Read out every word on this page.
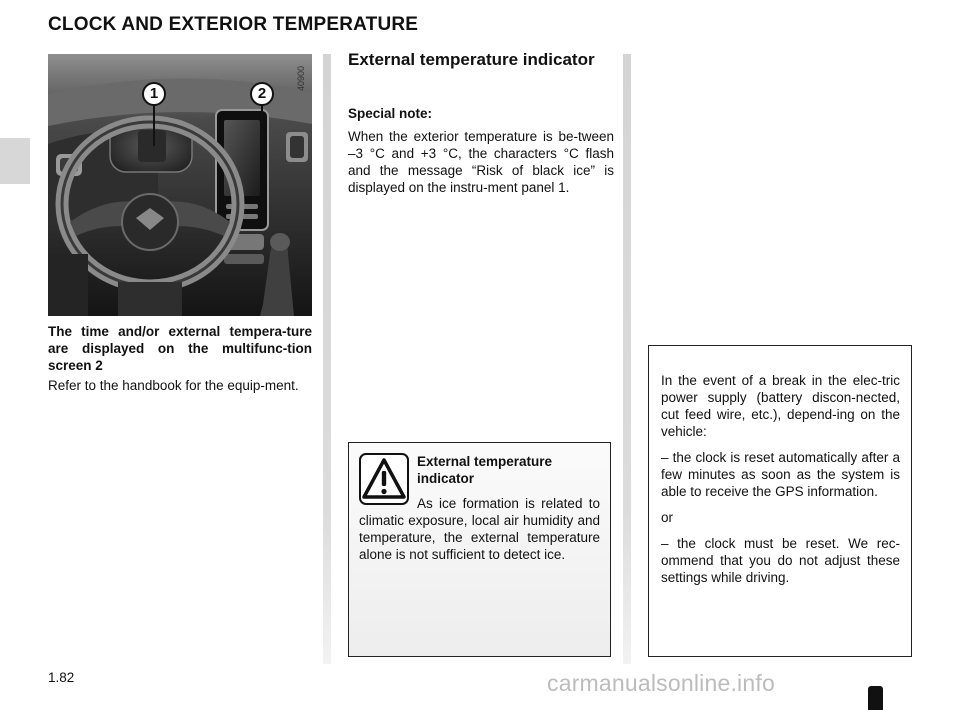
CLOCK AND EXTERIOR TEMPERATURE
40900
1	2

The time and/or external tempera-ture are displayed on the multifunc-tion screen 2

Refer to the handbook for the equip-ment.

External temperature indicator

Special note:

When the exterior temperature is be-tween –3 °C and +3 °C, the characters °C flash and the message “Risk of black ice” is displayed on the instru-ment panel 1.

External temperature indicator

As ice formation is related to climatic exposure, local air humidity and temperature, the external temperature alone is not sufficient to detect ice.

In the event of a break in the elec-tric power supply (battery discon-nected, cut feed wire, etc.), depend-ing on the vehicle:

– the clock is reset automatically after a few minutes as soon as the system is able to receive the GPS information.

or

– the clock must be reset. We rec-ommend that you do not adjust these settings while driving.

1.82	carmanualsonline.info
